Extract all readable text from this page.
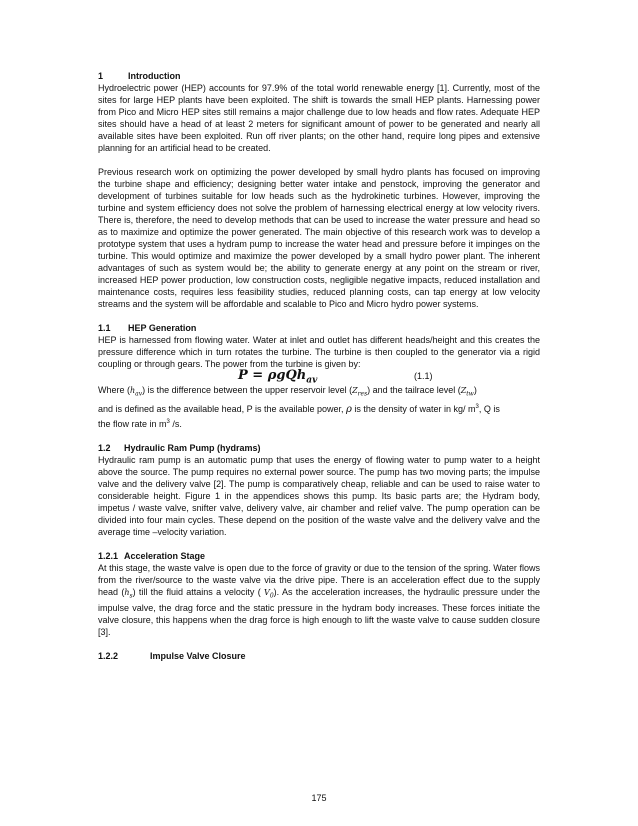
1	Introduction

Hydroelectric power (HEP) accounts for 97.9% of the total world renewable energy [1]. Currently, most of the sites for large HEP plants have been exploited. The shift is towards the small HEP plants. Harnessing power from Pico and Micro HEP sites still remains a major challenge due to low heads and flow rates. Adequate HEP sites should have a head of at least 2 meters for significant amount of power to be generated and nearly all available sites have been exploited. Run off river plants; on the other hand, require long pipes and extensive planning for an artificial head to be created.

Previous research work on optimizing the power developed by small hydro plants has focused on improving the turbine shape and efficiency; designing better water intake and penstock, improving the generator and development of turbines suitable for low heads such as the hydrokinetic turbines. However, improving the turbine and system efficiency does not solve the problem of harnessing electrical energy at low velocity rivers. There is, therefore, the need to develop methods that can be used to increase the water pressure and head so as to maximize and optimize the power generated. The main objective of this research work was to develop a prototype system that uses a hydram pump to increase the water head and pressure before it impinges on the turbine. This would optimize and maximize the power developed by a small hydro power plant. The inherent advantages of such as system would be; the ability to generate energy at any point on the stream or river, increased HEP power production, low construction costs, negligible negative impacts, reduced installation and maintenance costs, requires less feasibility studies, reduced planning costs, can tap energy at low velocity streams and the system will be affordable and scalable to Pico and Micro hydro power systems.

1.1 HEP Generation

HEP is harnessed from flowing water. Water at inlet and outlet has different heads/height and this creates the pressure difference which in turn rotates the turbine. The turbine is then coupled to the generator via a rigid coupling or through gears. The power from the turbine is given by:

P = ρgQh$_{av}$	(1.1)

Where $(h_{av})$ is the difference between the upper reservoir level $(Z_{res})$ and the tailrace level $(Z_{tw})$
and is defined as the available head, P is the available power, ρ is the density of water in kg/ $m^3$, Q is
the flow rate in $m^3$ /s.

1.2 Hydraulic Ram Pump (hydrams)

Hydraulic ram pump is an automatic pump that uses the energy of flowing water to pump water to a height above the source. The pump requires no external power source. The pump has two moving parts; the impulse valve and the delivery valve [2]. The pump is comparatively cheap, reliable and can be used to raise water to considerable height. Figure 1 in the appendices shows this pump. Its basic parts are; the Hydram body, impetus / waste valve, snifter valve, delivery valve, air chamber and relief valve. The pump operation can be divided into four main cycles. These depend on the position of the waste valve and the delivery valve and the average time –velocity variation.

1.2.1 Acceleration Stage

At this stage, the waste valve is open due to the force of gravity or due to the tension of the spring. Water flows from the river/source to the waste valve via the drive pipe. There is an acceleration effect due to the supply head $(h_s)$ till the fluid attains a velocity ( $V_0$). As the acceleration increases, the hydraulic pressure under the impulse valve, the drag force and the static pressure in the hydram body increases. These forces initiate the valve closure, this happens when the drag force is high enough to lift the waste valve to cause sudden closure [3].

1.2.2	Impulse Valve Closure

175
